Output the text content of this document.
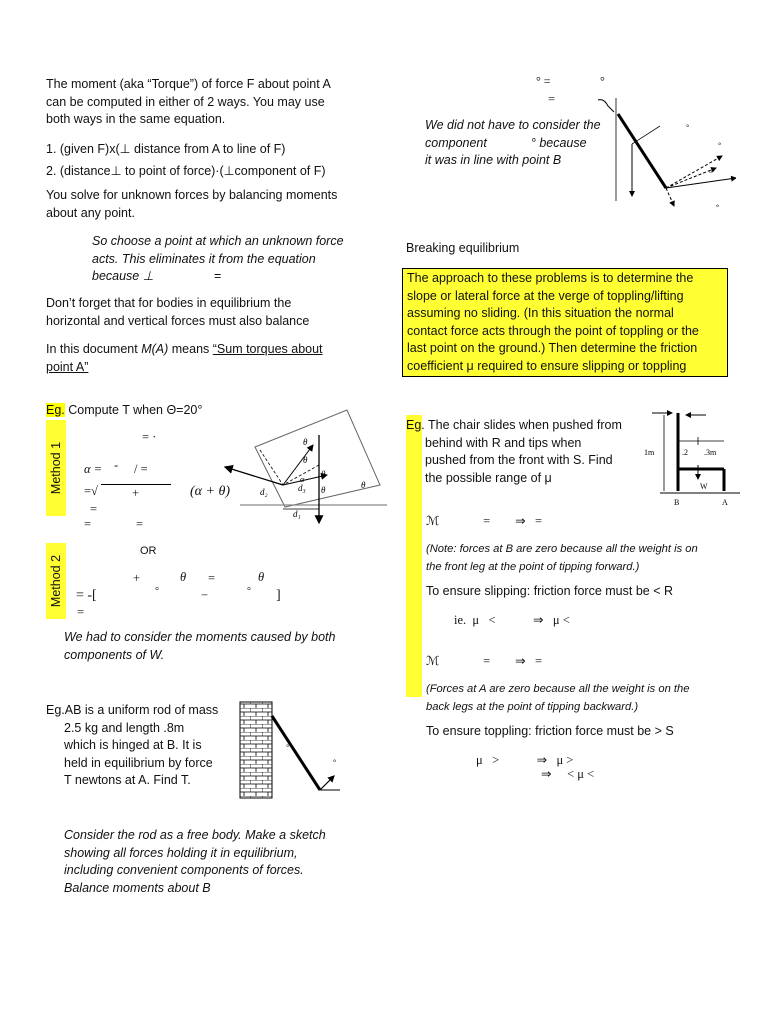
The moment (aka “Torque”) of force F about point A
can be computed in either of 2 ways. You may use
both ways in the same equation.
1. (given F)x(⊥ distance from A to line of F)
2. (distance⊥ to point of force)·(⊥component of F)
You solve for unknown forces by balancing moments
about any point.
So choose a point at which an unknown force
acts. This eliminates it from the equation
because ⊥	=
Don’t forget that for bodies in equilibrium the
horizontal and vertical forces must also balance
In this document M(A) means “Sum torques about
point A”
Eg. Compute T when Θ=20°
Method 1
Method 2
= ·
α = - / =
=√	+	(α + θ)
=
=	=
OR
+	θ =	θ
= -[	°	−	° ]
=
We had to consider the moments caused by both
components of W.
Eg.AB is a uniform rod of mass
2.5 kg and length .8m
which is hinged at B. It is
held in equilibrium by force
T newtons at A. Find T.
Consider the rod as a free body. Make a sketch
showing all forces holding it in equilibrium,
including convenient components of forces.
Balance moments about B
θ
θ
θ
θ	θ
α
d₂	d₃
d₁
°
°
° =	°
=
We did not have to consider the
component	° because
it was in line with point B
°
°
°
°
Breaking equilibrium
The approach to these problems is to determine the
slope or lateral force at the verge of toppling/lifting
assuming no sliding. (In this situation the normal
contact force acts through the point of toppling or the
last point on the ground.) Then determine the friction
coefficient μ required to ensure slipping or toppling
Eg. The chair slides when pushed from
behind with R and tips when
pushed from the front with S. Find
the possible range of μ
1m	.2 .3m
W
B	A
ℳ              =        ⇒   =
(Note: forces at B are zero because all the weight is on
the front leg at the point of tipping forward.)
To ensure slipping: friction force must be < R
ie.  μ   <            ⇒   μ <
ℳ              =        ⇒   =
(Forces at A are zero because all the weight is on the
back legs at the point of tipping backward.)
To ensure toppling: friction force must be > S
μ   >            ⇒   μ >
⇒     < μ <
